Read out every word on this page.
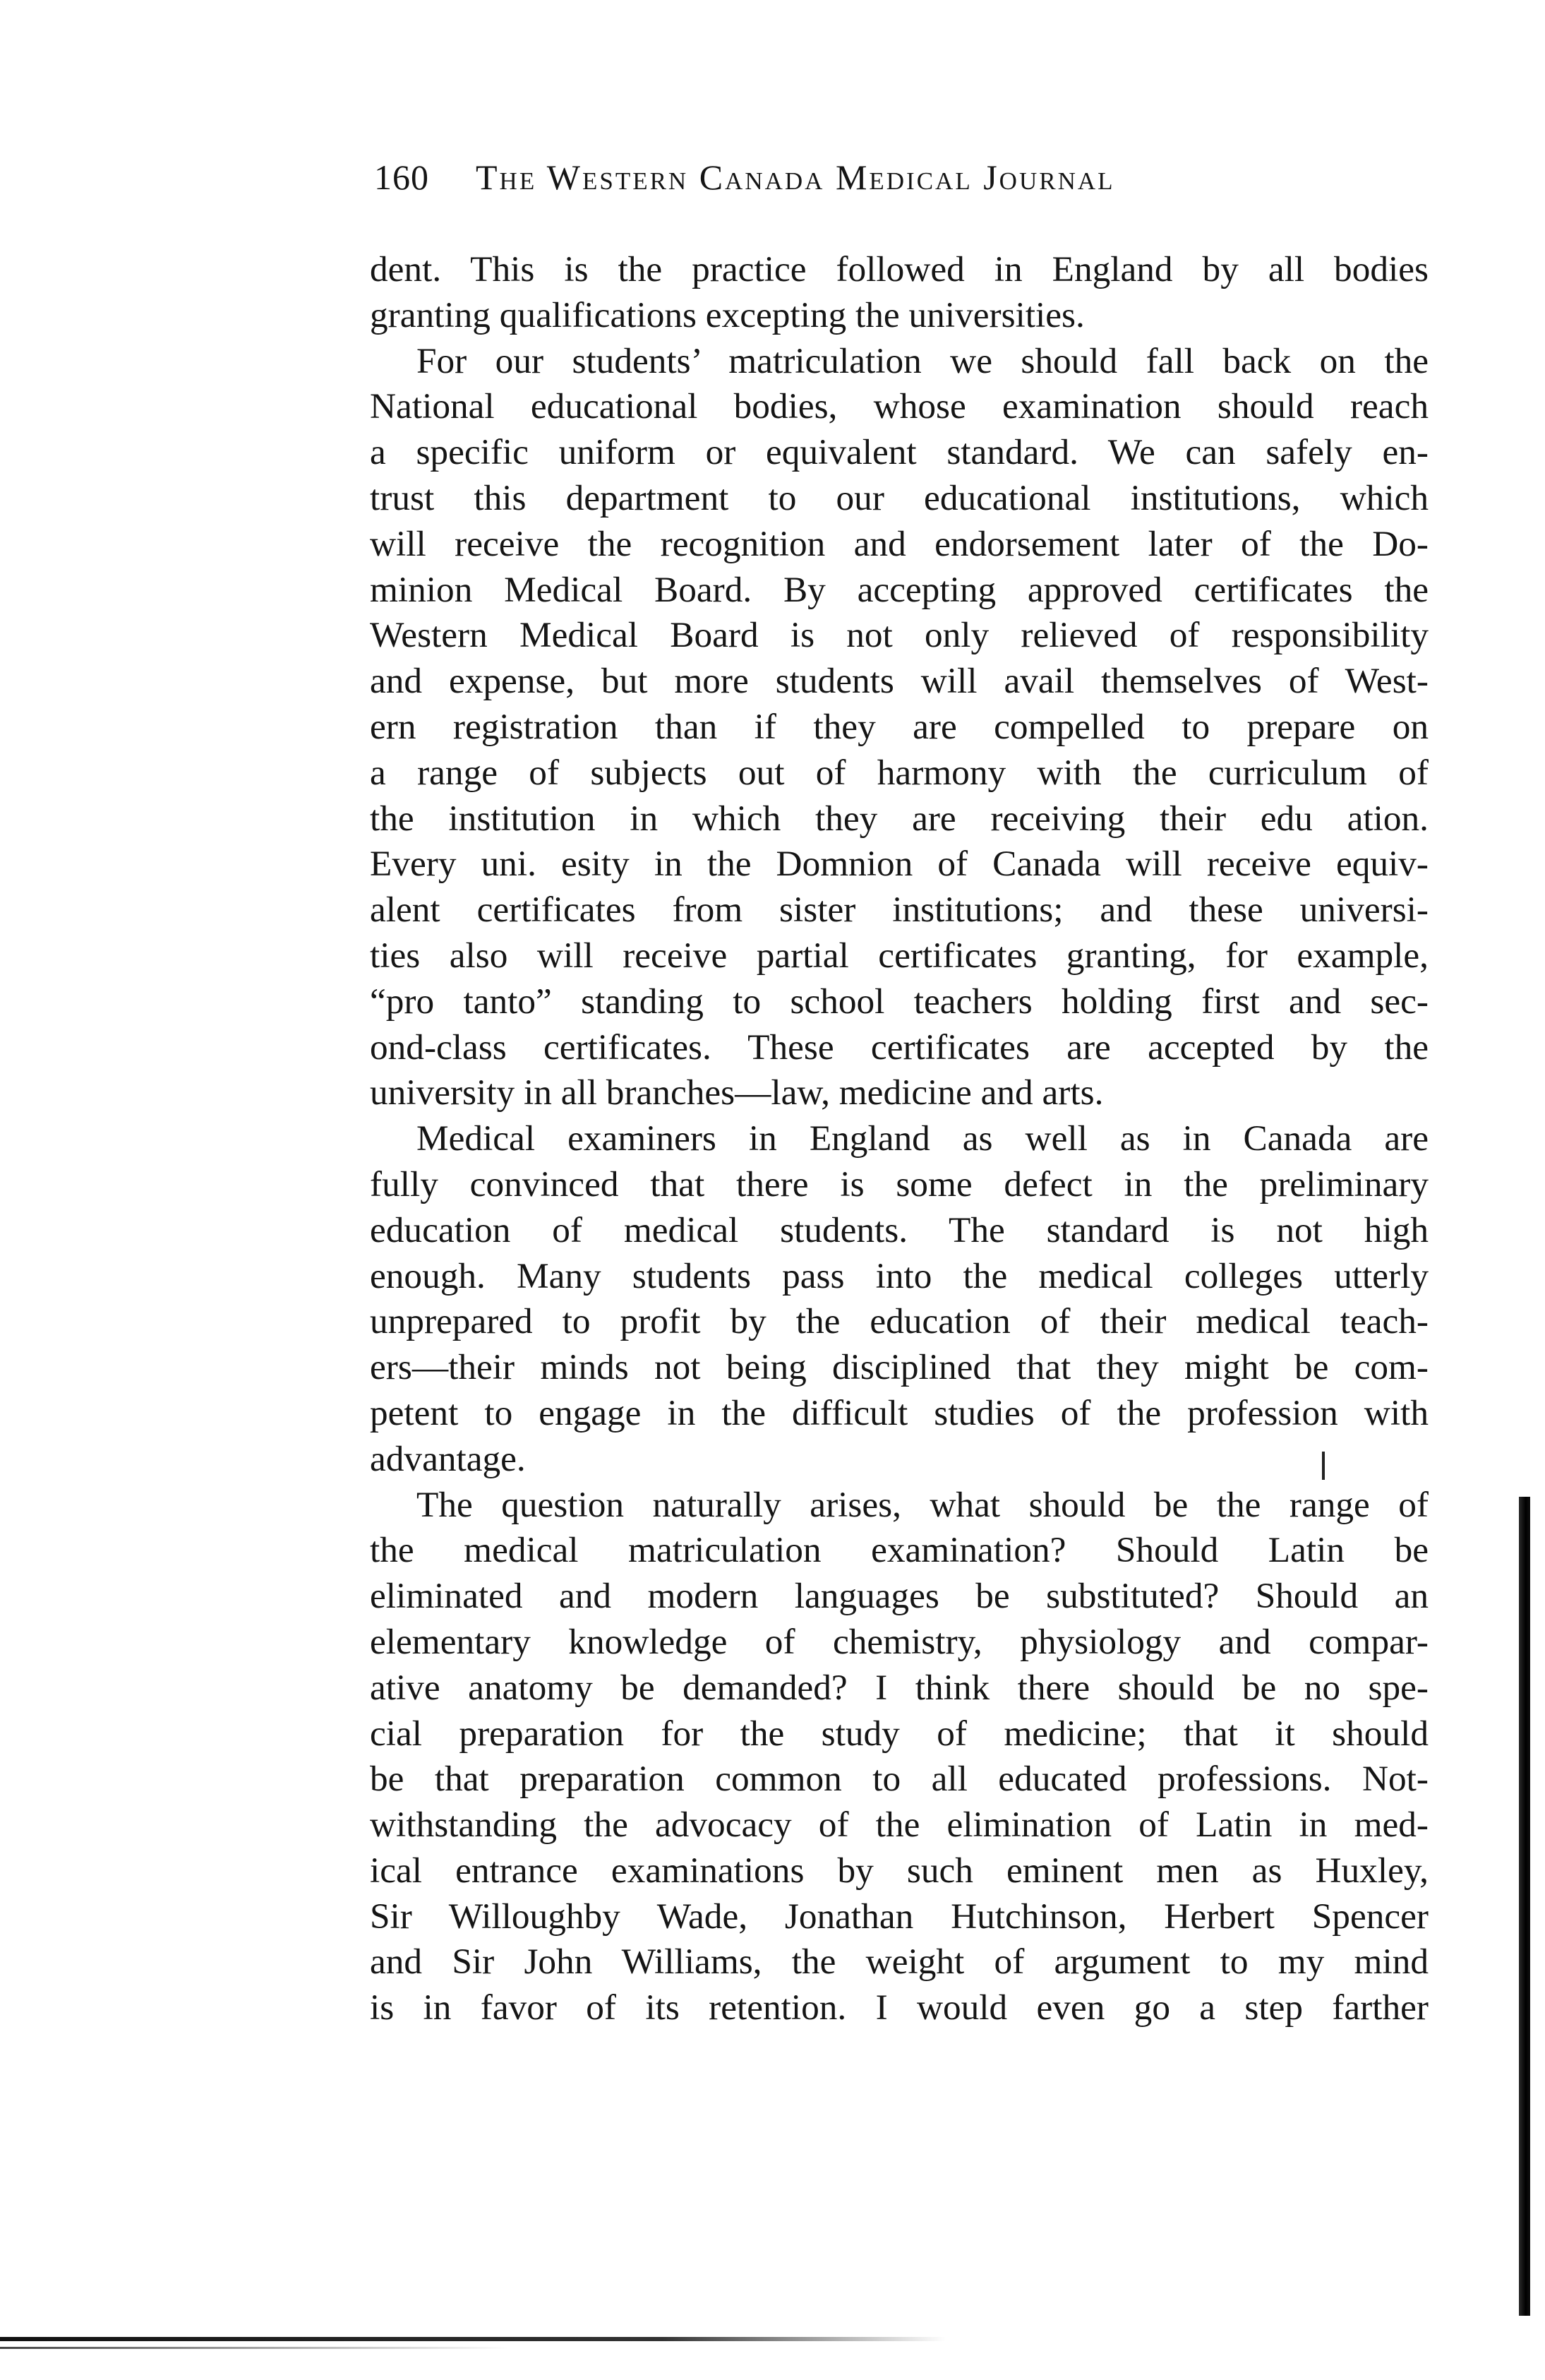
160 The Western Canada Medical Journal
dent. This is the practice followed in England by all bodies
granting qualifications excepting the universities.
For our students’ matriculation we should fall back on the
National educational bodies, whose examination should reach
a specific uniform or equivalent standard. We can safely en-
trust this department to our educational institutions, which
will receive the recognition and endorsement later of the Do-
minion Medical Board. By accepting approved certificates the
Western Medical Board is not only relieved of responsibility
and expense, but more students will avail themselves of West-
ern registration than if they are compelled to prepare on
a range of subjects out of harmony with the curriculum of
the institution in which they are receiving their edu ation.
Every uni. esity in the Domnion of Canada will receive equiv-
alent certificates from sister institutions; and these universi-
ties also will receive partial certificates granting, for example,
“pro tanto” standing to school teachers holding first and sec-
ond-class certificates. These certificates are accepted by the
university in all branches—law, medicine and arts.
Medical examiners in England as well as in Canada are
fully convinced that there is some defect in the preliminary
education of medical students. The standard is not high
enough. Many students pass into the medical colleges utterly
unprepared to profit by the education of their medical teach-
ers—their minds not being disciplined that they might be com-
petent to engage in the difficult studies of the profession with
advantage.
The question naturally arises, what should be the range of
the medical matriculation examination? Should Latin be
eliminated and modern languages be substituted? Should an
elementary knowledge of chemistry, physiology and compar-
ative anatomy be demanded? I think there should be no spe-
cial preparation for the study of medicine; that it should
be that preparation common to all educated professions. Not-
withstanding the advocacy of the elimination of Latin in med-
ical entrance examinations by such eminent men as Huxley,
Sir Willoughby Wade, Jonathan Hutchinson, Herbert Spencer
and Sir John Williams, the weight of argument to my mind
is in favor of its retention. I would even go a step farther
